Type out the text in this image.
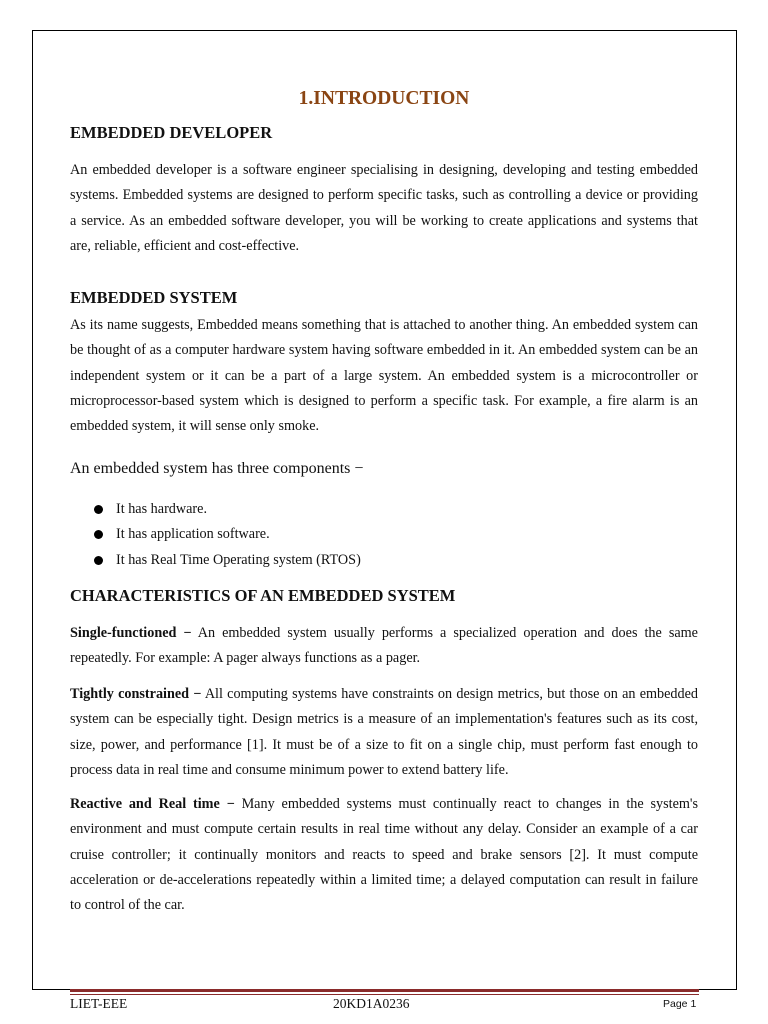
1.INTRODUCTION
EMBEDDED DEVELOPER
An embedded developer is a software engineer specialising in designing, developing and testing embedded systems. Embedded systems are designed to perform specific tasks, such as controlling a device or providing a service. As an embedded software developer, you will be working to create applications and systems that are, reliable, efficient and cost-effective.
EMBEDDED SYSTEM
As its name suggests, Embedded means something that is attached to another thing. An embedded system can be thought of as a computer hardware system having software embedded in it. An embedded system can be an independent system or it can be a part of a large system. An embedded system is a microcontroller or microprocessor-based system which is designed to perform a specific task. For example, a fire alarm is an embedded system, it will sense only smoke.
An embedded system has three components −
It has hardware.
It has application software.
It has Real Time Operating system (RTOS)
CHARACTERISTICS OF AN EMBEDDED SYSTEM
Single-functioned − An embedded system usually performs a specialized operation and does the same repeatedly. For example: A pager always functions as a pager.
Tightly constrained − All computing systems have constraints on design metrics, but those on an embedded system can be especially tight. Design metrics is a measure of an implementation's features such as its cost, size, power, and performance [1]. It must be of a size to fit on a single chip, must perform fast enough to process data in real time and consume minimum power to extend battery life.
Reactive and Real time − Many embedded systems must continually react to changes in the system's environment and must compute certain results in real time without any delay. Consider an example of a car cruise controller; it continually monitors and reacts to speed and brake sensors [2]. It must compute acceleration or de-accelerations repeatedly within a limited time; a delayed computation can result in failure to control of the car.
LIET-EEE	20KD1A0236	Page 1
